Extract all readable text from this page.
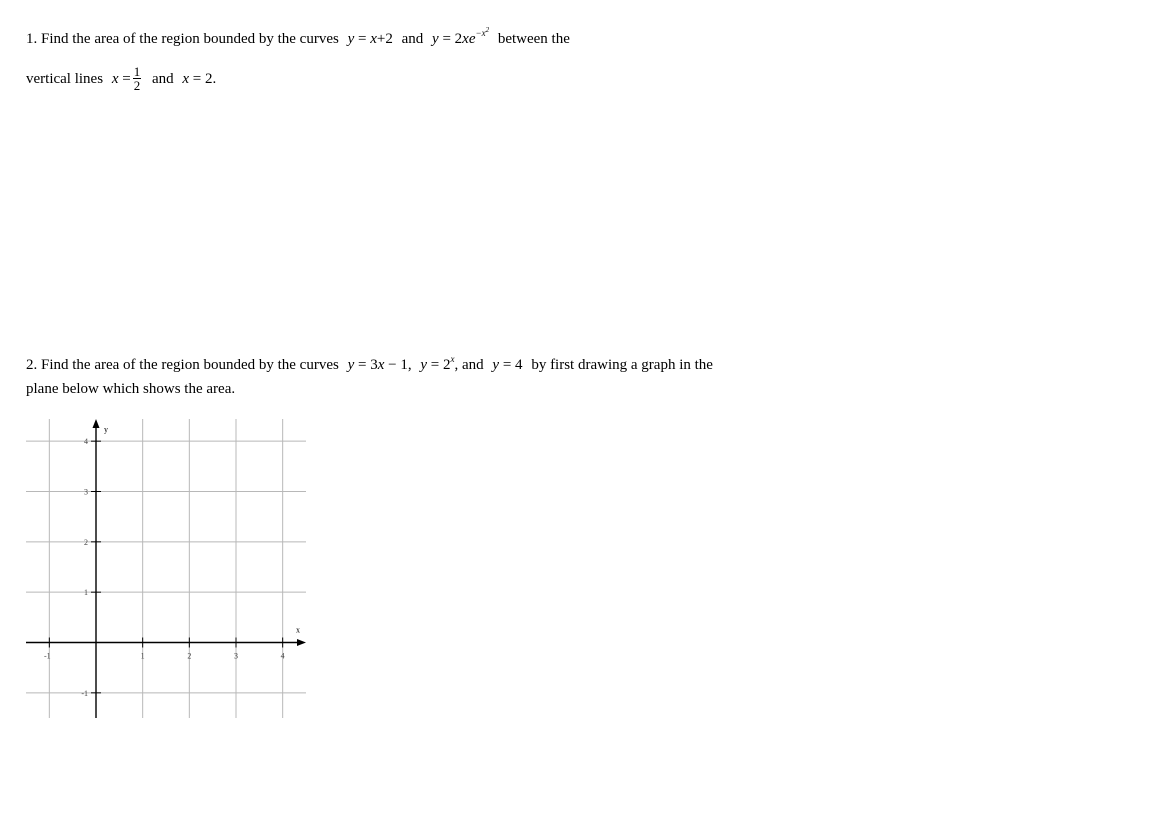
1. Find the area of the region bounded by the curves y = x+2 and $y = 2xe^{-x^2}$ between the
vertical lines $x = \frac{1}{2}$ and x = 2.
2. Find the area of the region bounded by the curves y = 3x − 1, $y = 2^x$, and y = 4 by first drawing a graph in the
plane below which shows the area.
x
y
-1	1	2	3	4
4
3
2
1
-1
